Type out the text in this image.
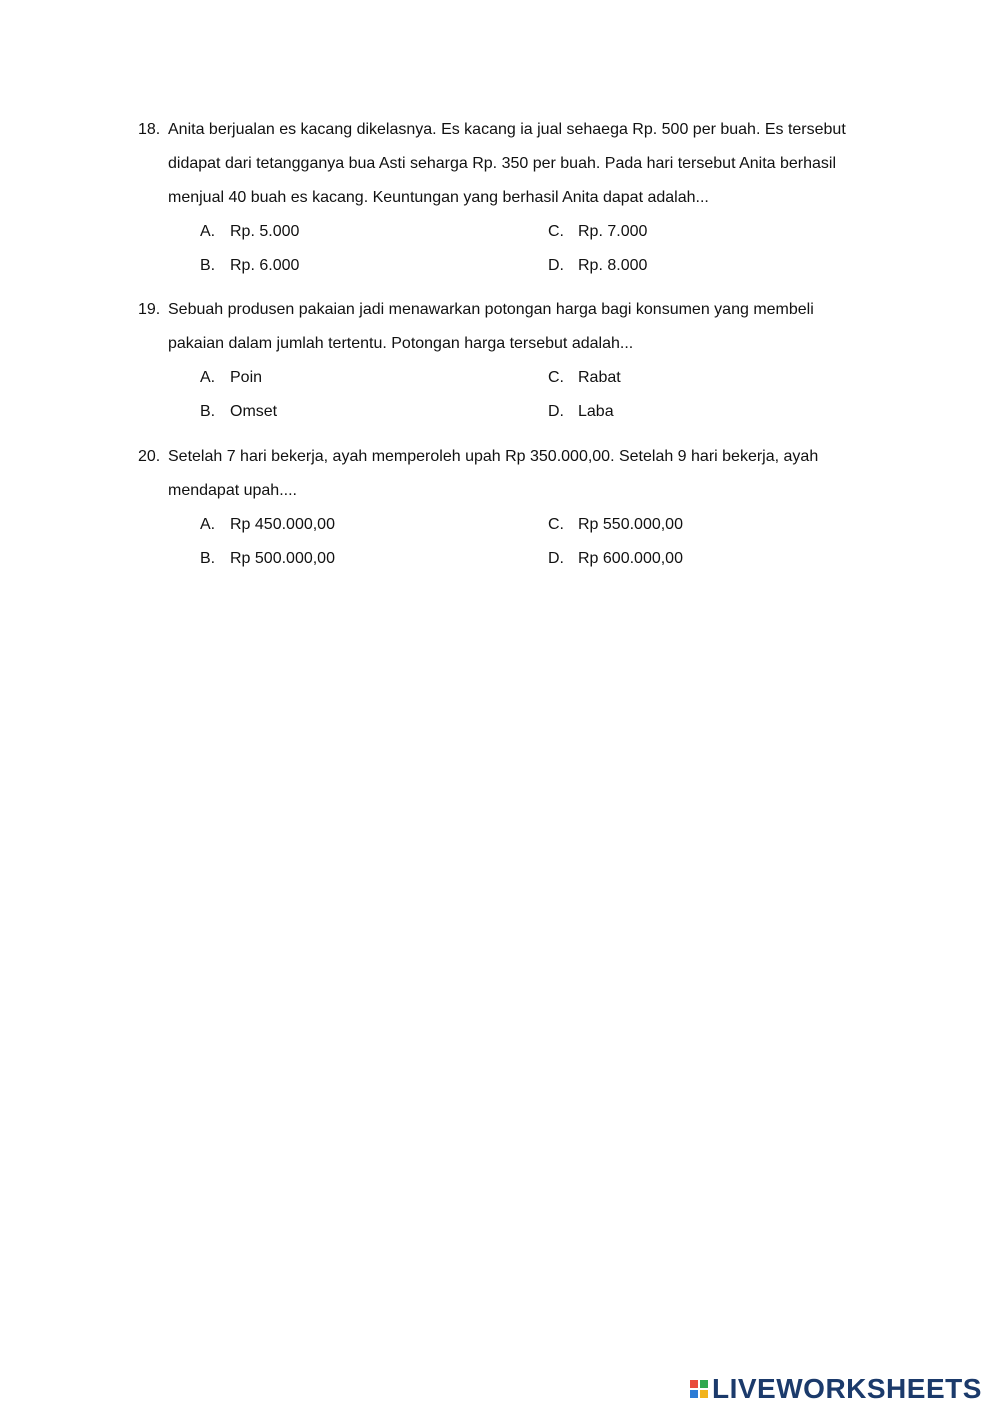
18. Anita berjualan es kacang dikelasnya. Es kacang ia jual sehaega Rp. 500 per buah. Es tersebut
didapat dari tetangganya bua Asti seharga Rp. 350 per buah. Pada hari tersebut Anita berhasil
menjual 40 buah es kacang. Keuntungan yang berhasil Anita dapat adalah...
A. Rp. 5.000
B. Rp. 6.000
C. Rp. 7.000
D. Rp. 8.000
19. Sebuah produsen pakaian jadi menawarkan potongan harga bagi konsumen yang membeli
pakaian dalam jumlah tertentu. Potongan harga tersebut adalah...
A. Poin
B. Omset
C. Rabat
D. Laba
20. Setelah 7 hari bekerja, ayah memperoleh upah Rp 350.000,00. Setelah 9 hari bekerja, ayah
mendapat upah....
A. Rp 450.000,00
B. Rp 500.000,00
C. Rp 550.000,00
D. Rp 600.000,00
LIVEWORKSHEETS
